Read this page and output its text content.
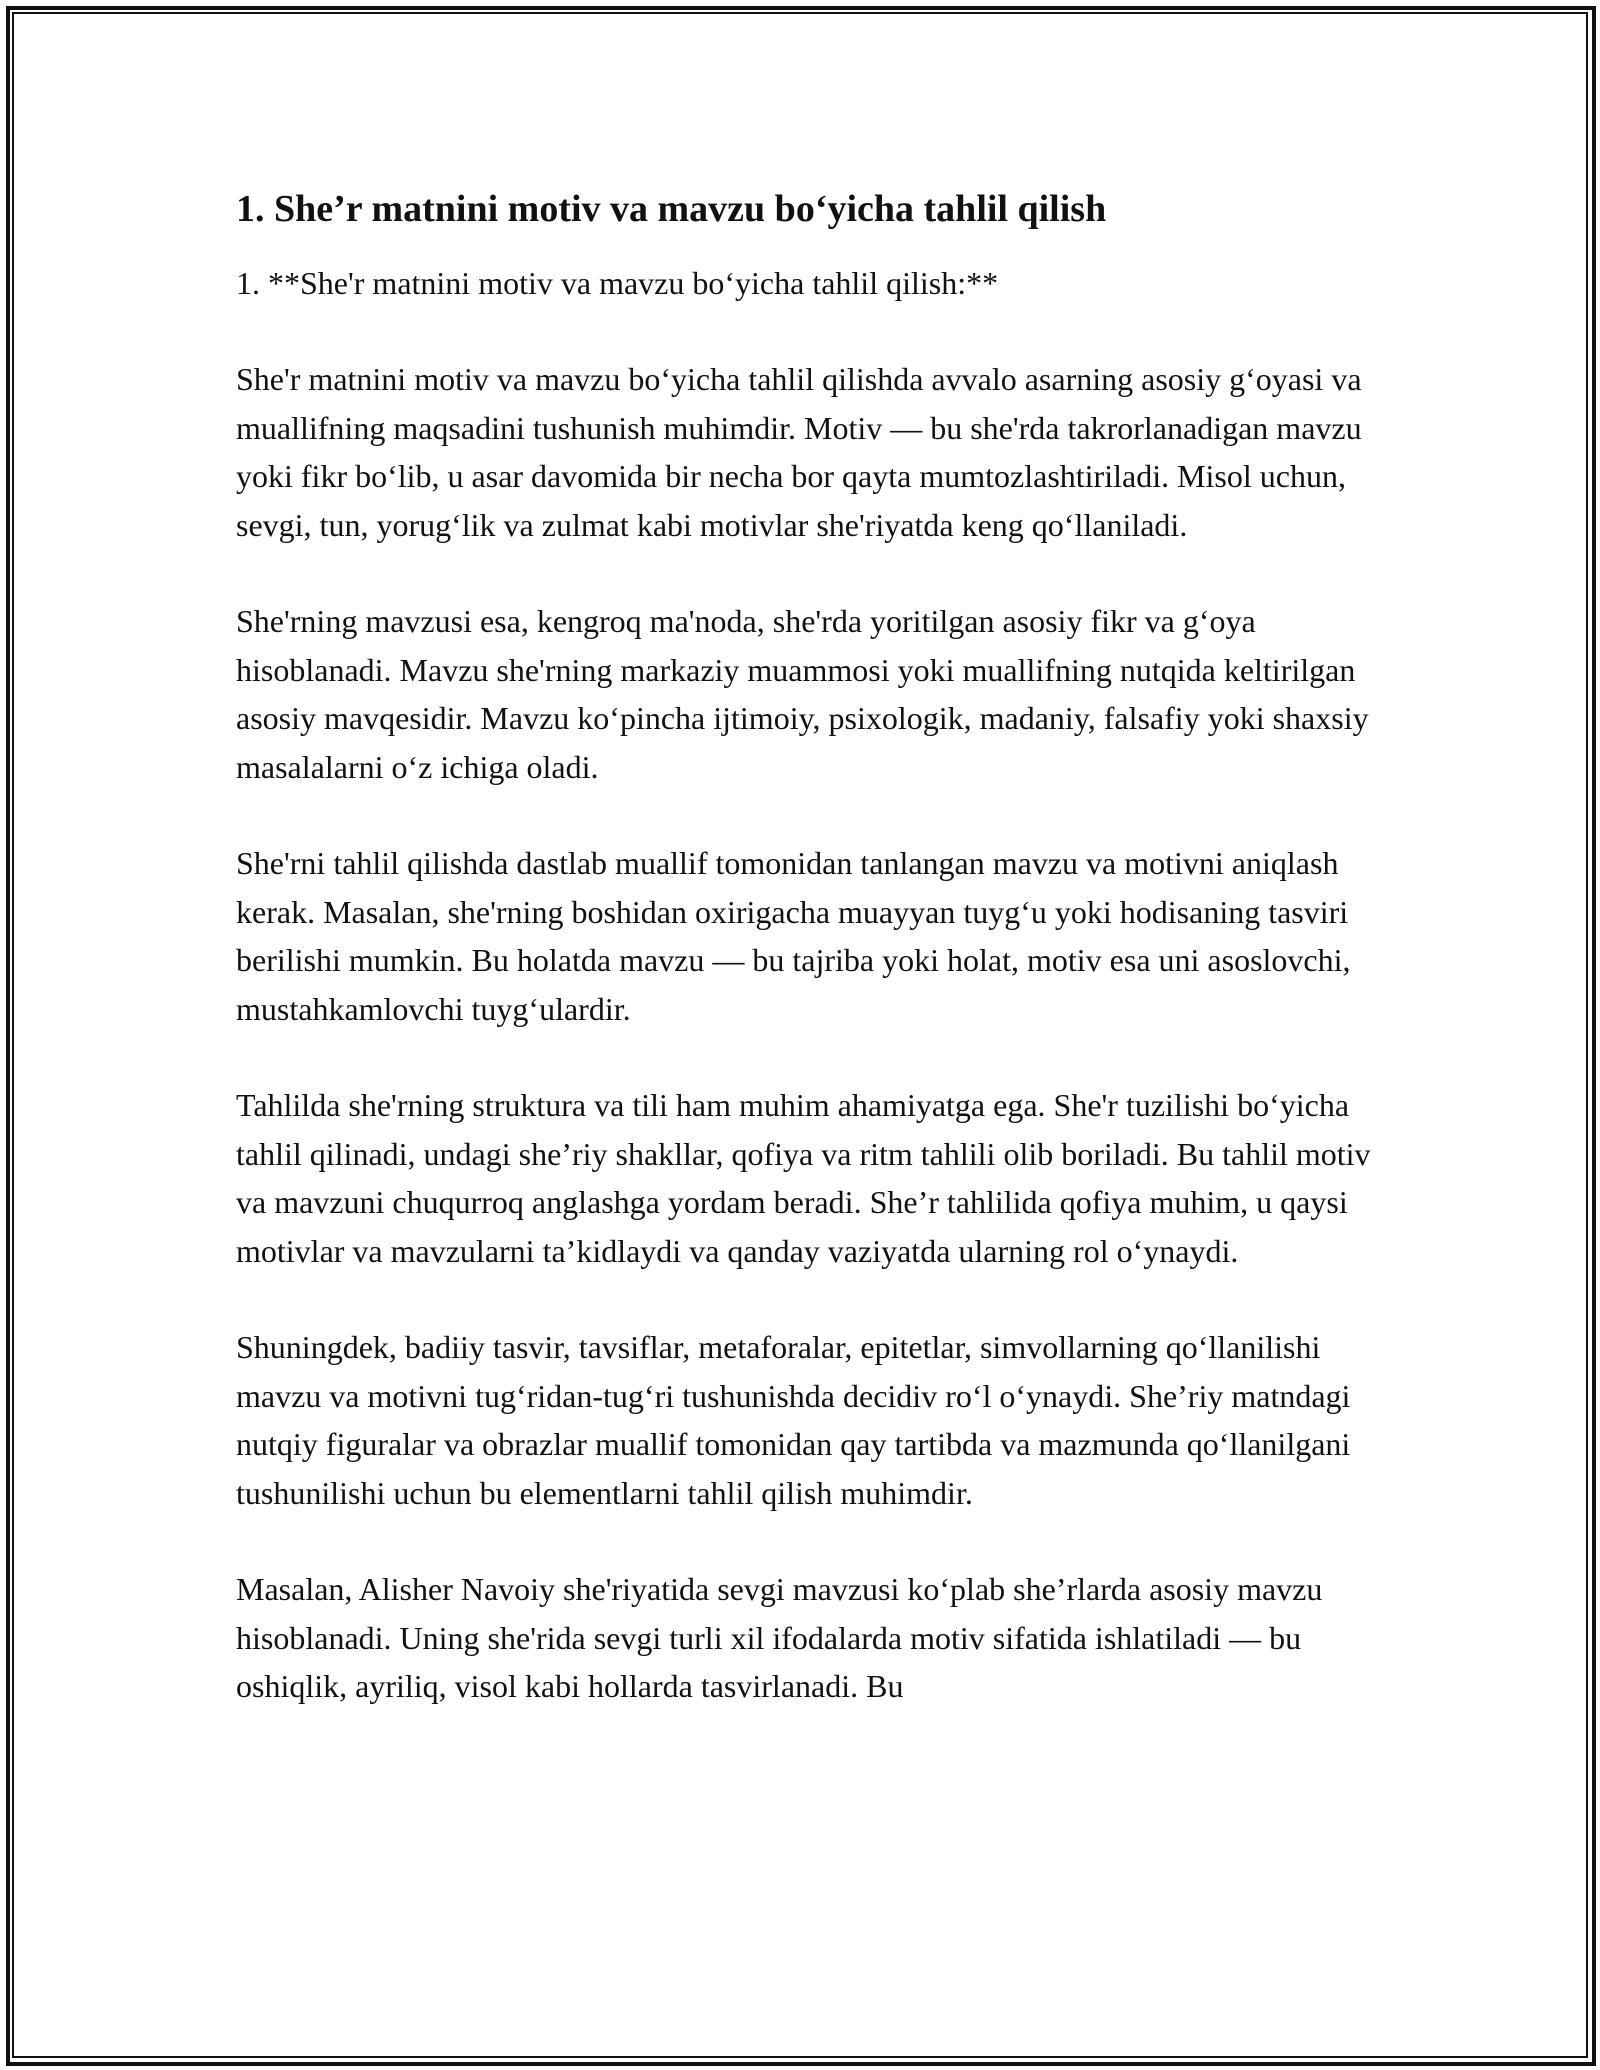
1. She’r matnini motiv va mavzu bo‘yicha tahlil qilish

1. **She'r matnini motiv va mavzu bo‘yicha tahlil qilish:**

She'r matnini motiv va mavzu bo‘yicha tahlil qilishda avvalo asarning asosiy g‘oyasi va muallifning maqsadini tushunish muhimdir. Motiv — bu she'rda takrorlanadigan mavzu yoki fikr bo‘lib, u asar davomida bir necha bor qayta mumtozlashtiriladi. Misol uchun, sevgi, tun, yorug‘lik va zulmat kabi motivlar she'riyatda keng qo‘llaniladi.

She'rning mavzusi esa, kengroq ma'noda, she'rda yoritilgan asosiy fikr va g‘oya hisoblanadi. Mavzu she'rning markaziy muammosi yoki muallifning nutqida keltirilgan asosiy mavqesidir. Mavzu ko‘pincha ijtimoiy, psixologik, madaniy, falsafiy yoki shaxsiy masalalarni o‘z ichiga oladi.

She'rni tahlil qilishda dastlab muallif tomonidan tanlangan mavzu va motivni aniqlash kerak. Masalan, she'rning boshidan oxirigacha muayyan tuyg‘u yoki hodisaning tasviri berilishi mumkin. Bu holatda mavzu — bu tajriba yoki holat, motiv esa uni asoslovchi, mustahkamlovchi tuyg‘ulardir.

Tahlilda she'rning struktura va tili ham muhim ahamiyatga ega. She'r tuzilishi bo‘yicha tahlil qilinadi, undagi she’riy shakllar, qofiya va ritm tahlili olib boriladi. Bu tahlil motiv va mavzuni chuqurroq anglashga yordam beradi. She’r tahlilida qofiya muhim, u qaysi motivlar va mavzularni ta’kidlaydi va qanday vaziyatda ularning rol o‘ynaydi.

Shuningdek, badiiy tasvir, tavsiflar, metaforalar, epitetlar, simvollarning qo‘llanilishi mavzu va motivni tug‘ridan-tug‘ri tushunishda decidiv ro‘l o‘ynaydi. She’riy matndagi nutqiy figuralar va obrazlar muallif tomonidan qay tartibda va mazmunda qo‘llanilgani tushunilishi uchun bu elementlarni tahlil qilish muhimdir.

Masalan, Alisher Navoiy she'riyatida sevgi mavzusi ko‘plab she’rlarda asosiy mavzu hisoblanadi. Uning she'rida sevgi turli xil ifodalarda motiv sifatida ishlatiladi — bu oshiqlik, ayriliq, visol kabi hollarda tasvirlanadi. Bu
